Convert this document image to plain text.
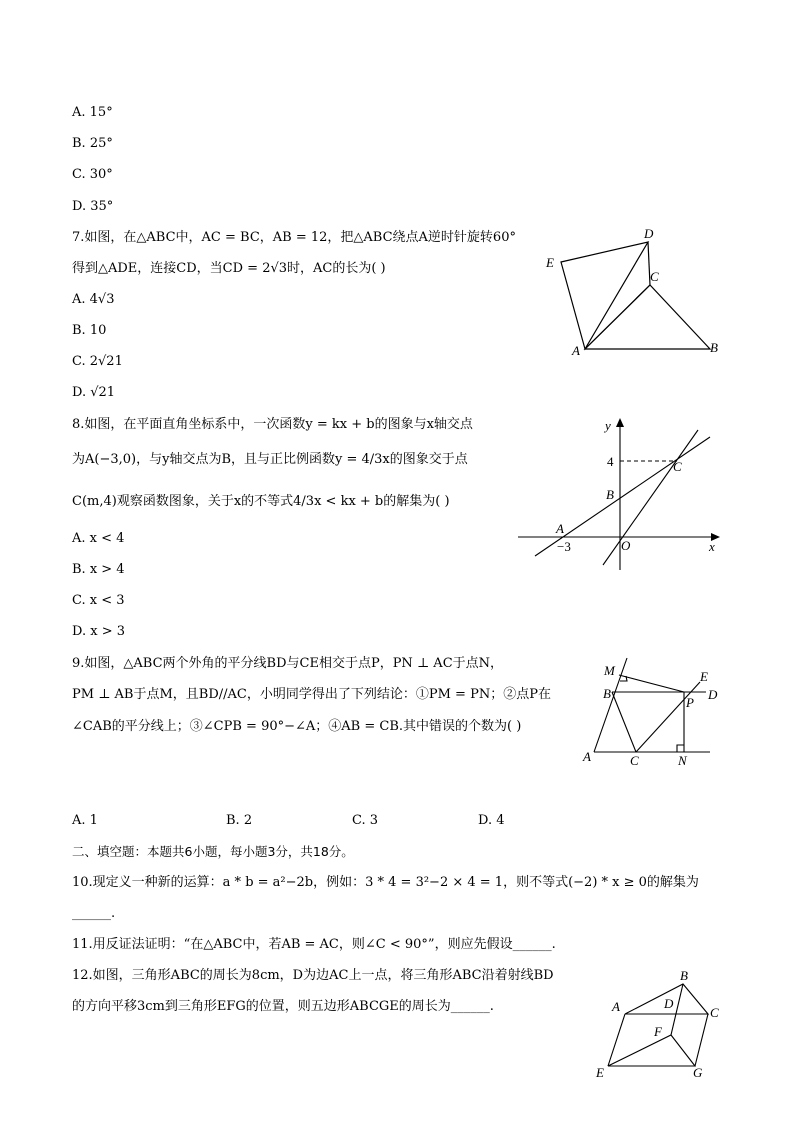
A. 15°
B. 25°
C. 30°
D. 35°
7.如图，在△ABC中，AC = BC，AB = 12，把△ABC绕点A逆时针旋转60°
得到△ADE，连接CD，当CD = 2√3时，AC的长为( )
A. 4√3
B. 10
C. 2√21
D. √21
D
E
C
A	B
8.如图，在平面直角坐标系中，一次函数y = kx + b的图象与x轴交点
为A(−3,0)，与y轴交点为B，且与正比例函数y = 4/3x的图象交于点
C(m,4)观察函数图象，关于x的不等式4/3x < kx + b的解集为( )
A. x < 4
B. x > 4
C. x < 3
D. x > 3
y
4	C
B
A
−3	O	x
9.如图，△ABC两个外角的平分线BD与CE相交于点P，PN ⊥ AC于点N，
PM ⊥ AB于点M，且BD//AC，小明同学得出了下列结论：①PM = PN；②点P在
∠CAB的平分线上；③∠CPB = 90°−∠A；④AB = CB.其中错误的个数为( )
M	E
B	D
P
A	C	N
A. 1	B. 2	C. 3	D. 4
二、填空题：本题共6小题，每小题3分，共18分。
10.现定义一种新的运算：a * b = a²−2b，例如：3 * 4 = 3²−2 × 4 = 1，则不等式(−2) * x ≥ 0的解集为
______.
11.用反证法证明：“在△ABC中，若AB = AC，则∠C < 90°”，则应先假设______.
12.如图，三角形ABC的周长为8cm，D为边AC上一点，将三角形ABC沿着射线BD
的方向平移3cm到三角形EFG的位置，则五边形ABCGE的周长为______.
B
A	D
C
F
E	G
